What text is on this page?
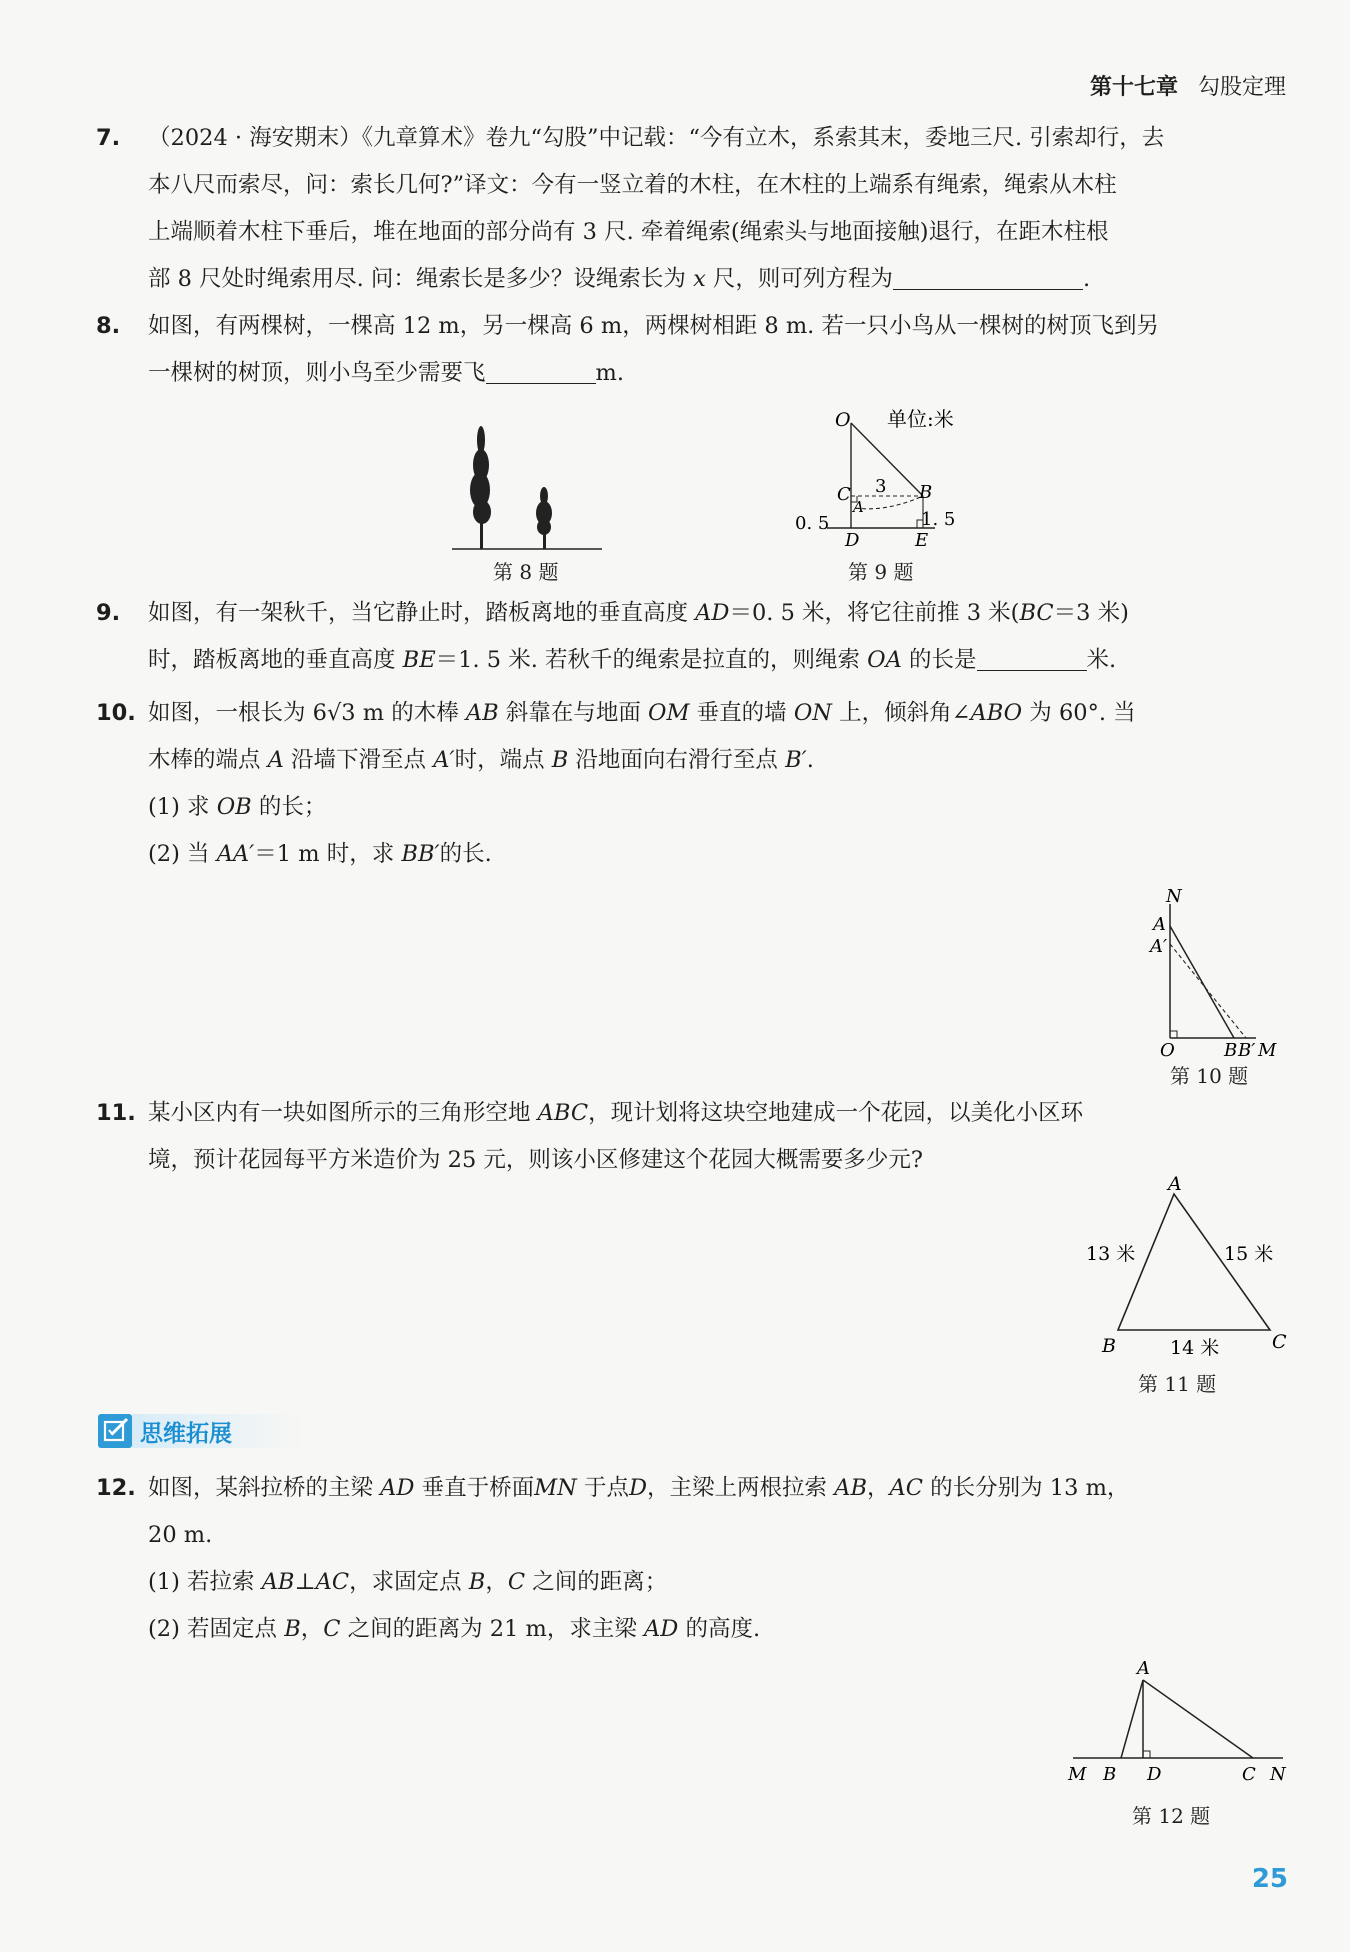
第十七章 勾股定理
7.	（2024 · 海安期末）《九章算术》卷九“勾股”中记载：“今有立木，系索其末，委地三尺. 引索却行，去
本八尺而索尽，问：索长几何?”译文：今有一竖立着的木柱，在木柱的上端系有绳索，绳索从木柱
上端顺着木柱下垂后，堆在地面的部分尚有 3 尺. 牵着绳索(绳索头与地面接触)退行，在距木柱根
部 8 尺处时绳索用尽. 问：绳索长是多少？设绳索长为 x 尺，则可列方程为	.
8.	如图，有两棵树，一棵高 12 m，另一棵高 6 m，两棵树相距 8 m. 若一只小鸟从一棵树的树顶飞到另
一棵树的树顶，则小鸟至少需要飞	m.
第 8 题
O
C
A
B
D	E
3
0. 5	1. 5
单位:米
第 9 题
9.	如图，有一架秋千，当它静止时，踏板离地的垂直高度 AD＝0. 5 米，将它往前推 3 米(BC＝3 米)
时，踏板离地的垂直高度 BE＝1. 5 米. 若秋千的绳索是拉直的，则绳索 OA 的长是	米.
10. 如图，一根长为 6√3 m 的木棒 AB 斜靠在与地面 OM 垂直的墙 ON 上，倾斜角∠ABO 为 60°. 当
木棒的端点 A 沿墙下滑至点 A′时，端点 B 沿地面向右滑行至点 B′.
(1) 求 OB 的长；
(2) 当 AA′＝1 m 时，求 BB′的长.
N
A
A′
O	B B′ M
第 10 题
11. 某小区内有一块如图所示的三角形空地 ABC，现计划将这块空地建成一个花园，以美化小区环
境，预计花园每平方米造价为 25 元，则该小区修建这个花园大概需要多少元?
A
B	C
13 米	15 米
14 米
第 11 题
思维拓展
12. 如图，某斜拉桥的主梁 AD 垂直于桥面MN 于点D，主梁上两根拉索 AB，AC 的长分别为 13 m，
20 m.
(1) 若拉索 AB⊥AC，求固定点 B，C 之间的距离；
(2) 若固定点 B，C 之间的距离为 21 m，求主梁 AD 的高度.
A
M B D	C N
第 12 题
25
